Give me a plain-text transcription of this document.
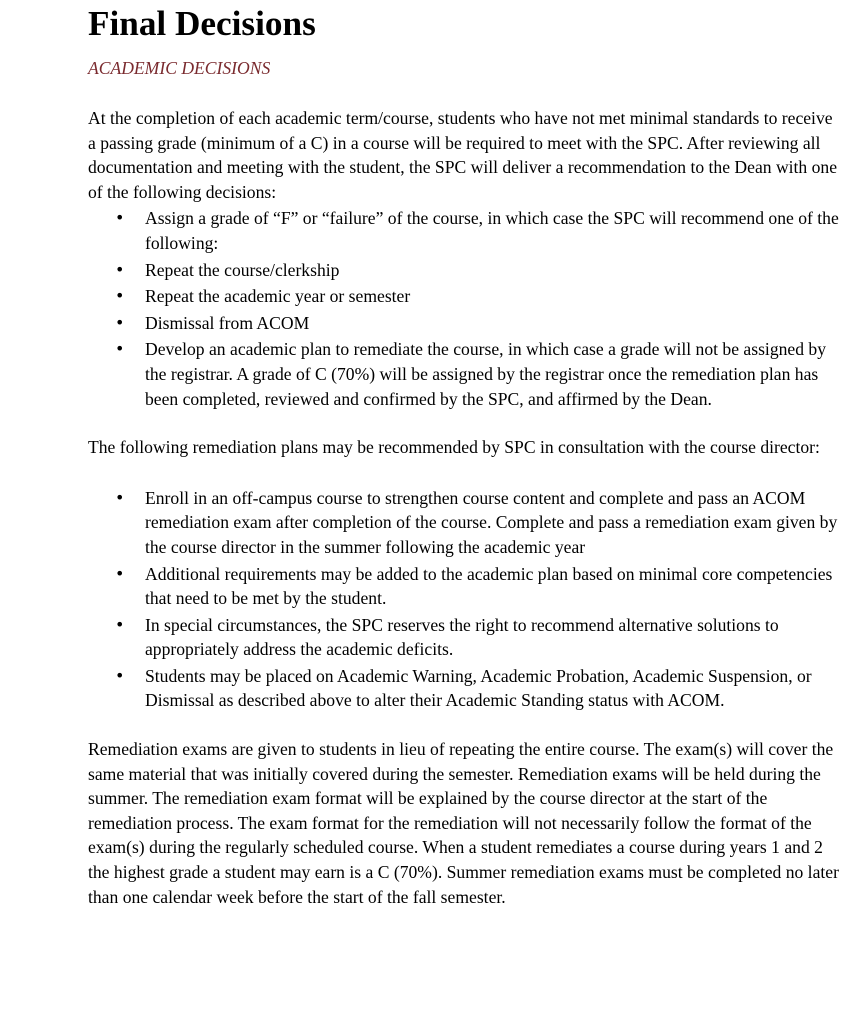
Final Decisions
ACADEMIC DECISIONS

At the completion of each academic term/course, students who have not met minimal standards to receive a passing grade (minimum of a C) in a course will be required to meet with the SPC. After reviewing all documentation and meeting with the student, the SPC will deliver a recommendation to the Dean with one of the following decisions:

• Assign a grade of “F” or “failure” of the course, in which case the SPC will recommend one of the following:
• Repeat the course/clerkship
• Repeat the academic year or semester
• Dismissal from ACOM
• Develop an academic plan to remediate the course, in which case a grade will not be assigned by the registrar. A grade of C (70%) will be assigned by the registrar once the remediation plan has been completed, reviewed and confirmed by the SPC, and affirmed by the Dean.

The following remediation plans may be recommended by SPC in consultation with the course director:

• Enroll in an off-campus course to strengthen course content and complete and pass an ACOM remediation exam after completion of the course. Complete and pass a remediation exam given by the course director in the summer following the academic year
• Additional requirements may be added to the academic plan based on minimal core competencies that need to be met by the student.
• In special circumstances, the SPC reserves the right to recommend alternative solutions to appropriately address the academic deficits.
• Students may be placed on Academic Warning, Academic Probation, Academic Suspension, or Dismissal as described above to alter their Academic Standing status with ACOM.

Remediation exams are given to students in lieu of repeating the entire course. The exam(s) will cover the same material that was initially covered during the semester. Remediation exams will be held during the summer. The remediation exam format will be explained by the course director at the start of the remediation process. The exam format for the remediation will not necessarily follow the format of the exam(s) during the regularly scheduled course. When a student remediates a course during years 1 and 2 the highest grade a student may earn is a C (70%). Summer remediation exams must be completed no later than one calendar week before the start of the fall semester.
